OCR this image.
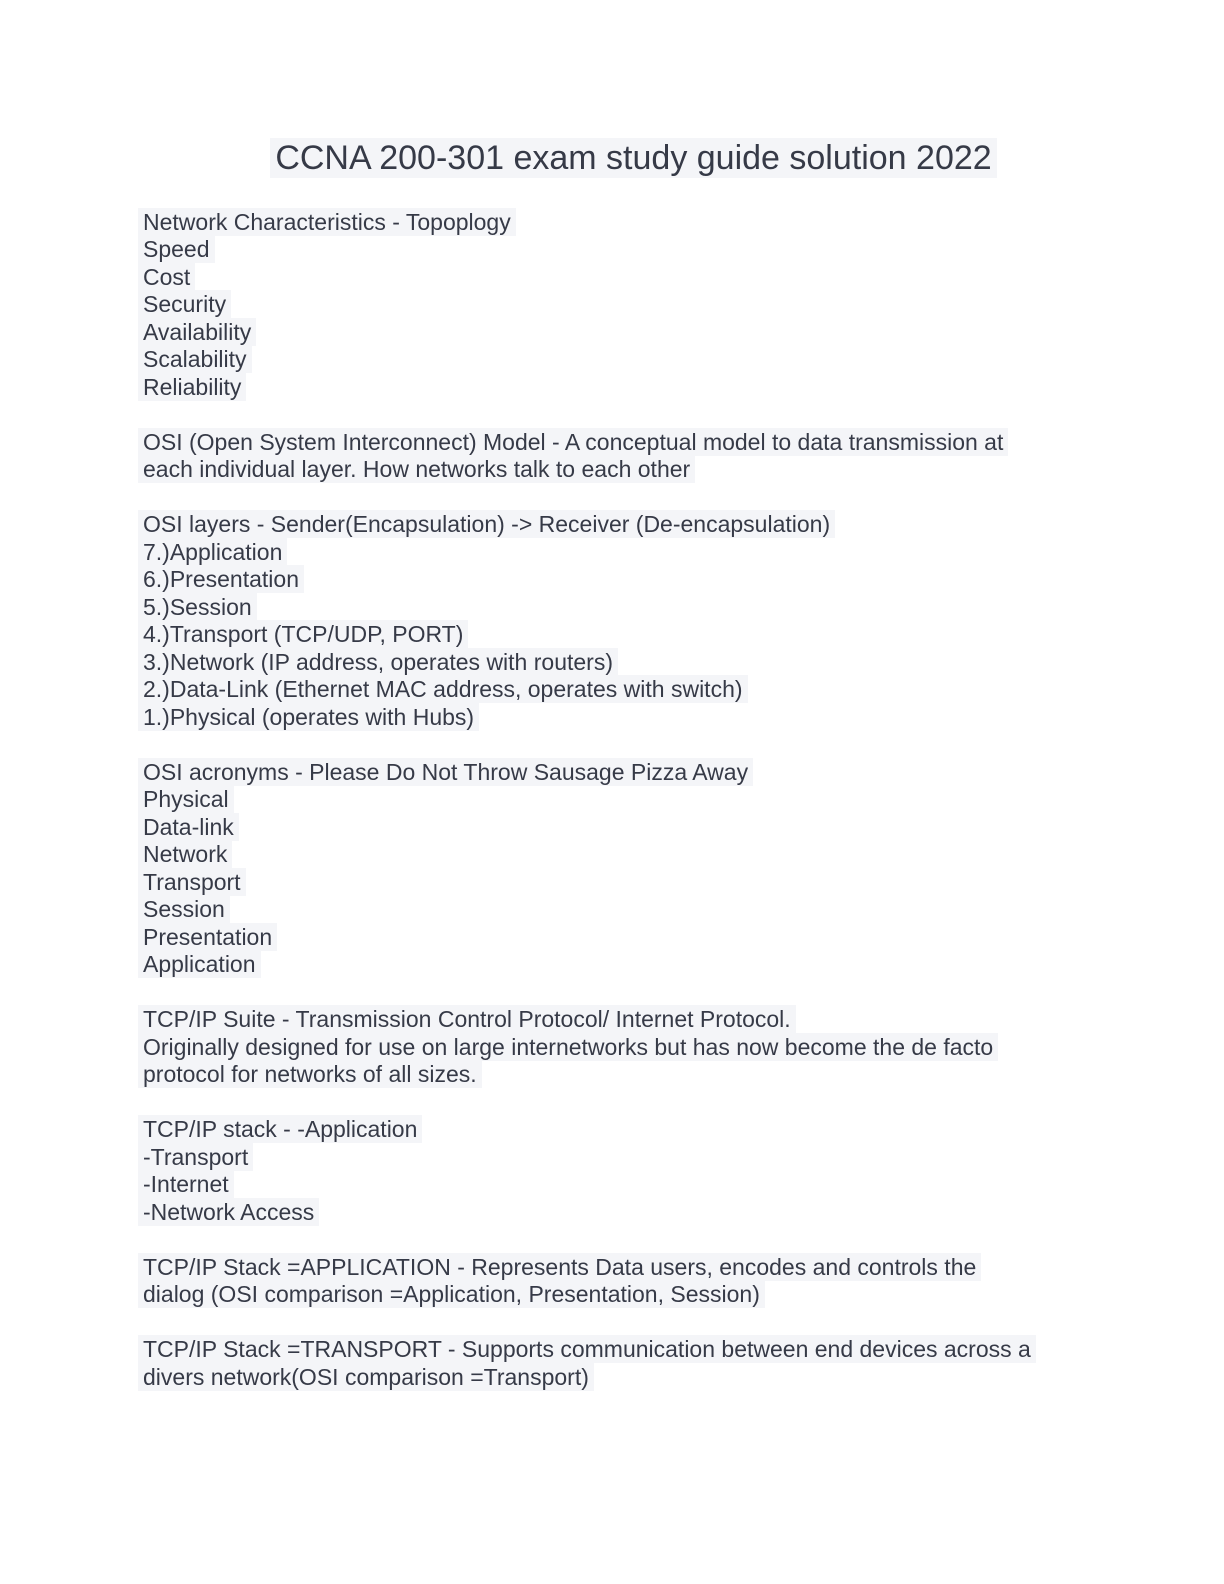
CCNA 200-301 exam study guide solution 2022
Network Characteristics - Topoplogy
Speed
Cost
Security
Availability
Scalability
Reliability
OSI (Open System Interconnect) Model - A conceptual model to data transmission at
each individual layer. How networks talk to each other
OSI layers - Sender(Encapsulation) -> Receiver (De-encapsulation)
7.)Application
6.)Presentation
5.)Session
4.)Transport (TCP/UDP, PORT)
3.)Network (IP address, operates with routers)
2.)Data-Link (Ethernet MAC address, operates with switch)
1.)Physical (operates with Hubs)
OSI acronyms - Please Do Not Throw Sausage Pizza Away
Physical
Data-link
Network
Transport
Session
Presentation
Application
TCP/IP Suite - Transmission Control Protocol/ Internet Protocol.
Originally designed for use on large internetworks but has now become the de facto
protocol for networks of all sizes.
TCP/IP stack - -Application
-Transport
-Internet
-Network Access
TCP/IP Stack =APPLICATION - Represents Data users, encodes and controls the
dialog (OSI comparison =Application, Presentation, Session)
TCP/IP Stack =TRANSPORT - Supports communication between end devices across a
divers network(OSI comparison =Transport)
